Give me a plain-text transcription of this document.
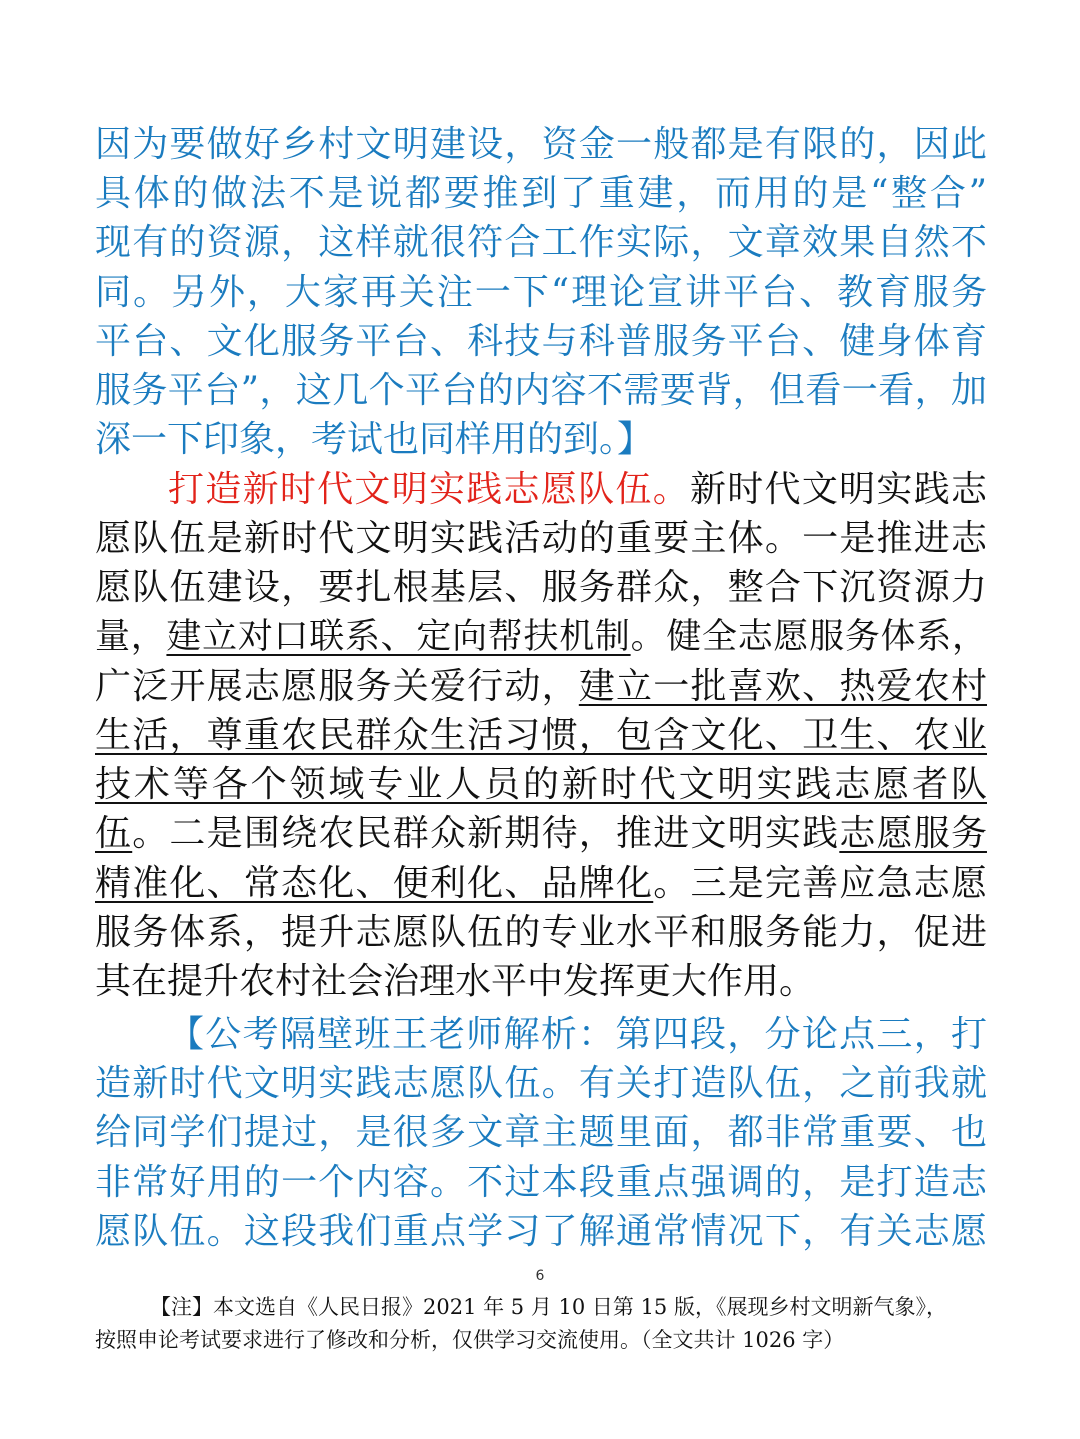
因为要做好乡村文明建设，资金一般都是有限的，因此
具体的做法不是说都要推到了重建，而用的是“整合”
现有的资源，这样就很符合工作实际，文章效果自然不
同。另外，大家再关注一下“理论宣讲平台、教育服务
平台、文化服务平台、科技与科普服务平台、健身体育
服务平台”，这几个平台的内容不需要背，但看一看，加
深一下印象，考试也同样用的到。】
打造新时代文明实践志愿队伍。新时代文明实践志
愿队伍是新时代文明实践活动的重要主体。一是推进志
愿队伍建设，要扎根基层、服务群众，整合下沉资源力
量，建立对口联系、定向帮扶机制。健全志愿服务体系，
广泛开展志愿服务关爱行动，建立一批喜欢、热爱农村
生活，尊重农民群众生活习惯，包含文化、卫生、农业
技术等各个领域专业人员的新时代文明实践志愿者队
伍。二是围绕农民群众新期待，推进文明实践志愿服务
精准化、常态化、便利化、品牌化。三是完善应急志愿
服务体系，提升志愿队伍的专业水平和服务能力，促进
其在提升农村社会治理水平中发挥更大作用。
【公考隔壁班王老师解析：第四段，分论点三，打
造新时代文明实践志愿队伍。有关打造队伍，之前我就
给同学们提过，是很多文章主题里面，都非常重要、也
非常好用的一个内容。不过本段重点强调的，是打造志
愿队伍。这段我们重点学习了解通常情况下，有关志愿
6
【注】本文选自《人民日报》2021 年 5 月 10 日第 15 版，《展现乡村文明新气象》，
按照申论考试要求进行了修改和分析，仅供学习交流使用。（全文共计 1026 字）
